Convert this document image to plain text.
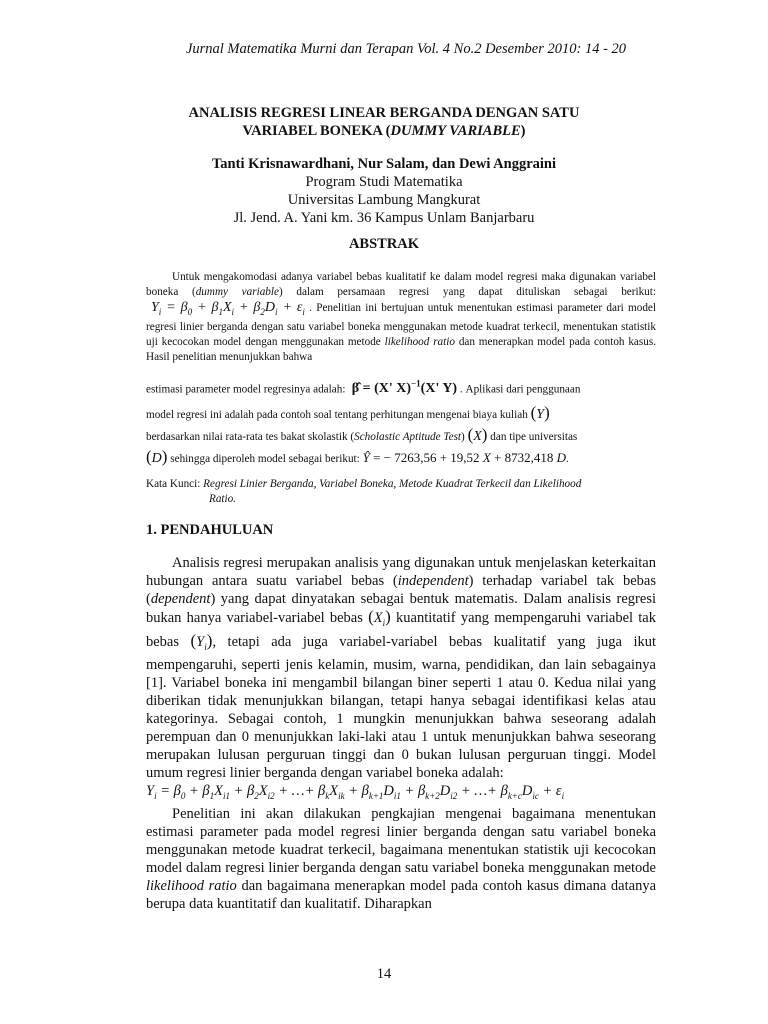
Jurnal Matematika Murni dan Terapan Vol. 4 No.2 Desember 2010: 14 - 20
ANALISIS REGRESI LINEAR BERGANDA DENGAN SATU
VARIABEL BONEKA (DUMMY VARIABLE)
Tanti Krisnawardhani, Nur Salam, dan Dewi Anggraini
Program Studi Matematika
Universitas Lambung Mangkurat
Jl. Jend. A. Yani km. 36 Kampus Unlam Banjarbaru
ABSTRAK

Untuk mengakomodasi adanya variabel bebas kualitatif ke dalam model regresi maka digunakan variabel boneka (dummy variable) dalam persamaan regresi yang dapat dituliskan sebagai berikut:  $Y_i = \beta_0 + \beta_1X_i + \beta_2D_i + \varepsilon_i$ . Penelitian ini bertujuan untuk menentukan estimasi parameter dari model regresi linier berganda dengan satu variabel boneka menggunakan metode kuadrat terkecil, menentukan statistik uji kecocokan model dengan menggunakan metode likelihood ratio dan menerapkan model pada contoh kasus. Hasil penelitian menunjukkan bahwa

estimasi parameter model regresinya adalah:  β̂ = (X' X)$^{-1}$(X' Y) . Aplikasi dari penggunaan

model regresi ini adalah pada contoh soal tentang perhitungan mengenai biaya kuliah (Y)

berdasarkan nilai rata-rata tes bakat skolastik (Scholastic Aptitude Test) (X) dan tipe universitas

(D) sehingga diperoleh model sebagai berikut: Ŷ = − 7263,56 + 19,52 X + 8732,418 D.

Kata Kunci: Regresi Linier Berganda, Variabel Boneka, Metode Kuadrat Terkecil dan Likelihood
Ratio.
1. PENDAHULUAN

Analisis regresi merupakan analisis yang digunakan untuk menjelaskan keterkaitan hubungan antara suatu variabel bebas (independent) terhadap variabel tak bebas (dependent) yang dapat dinyatakan sebagai bentuk matematis. Dalam analisis regresi bukan hanya variabel-variabel bebas $(X_i)$ kuantitatif yang mempengaruhi variabel tak bebas $(Y_i)$, tetapi ada juga variabel-variabel bebas kualitatif yang juga ikut mempengaruhi, seperti jenis kelamin, musim, warna, pendidikan, dan lain sebagainya [1]. Variabel boneka ini mengambil bilangan biner seperti 1 atau 0. Kedua nilai yang diberikan tidak menunjukkan bilangan, tetapi hanya sebagai identifikasi kelas atau kategorinya. Sebagai contoh, 1 mungkin menunjukkan bahwa seseorang adalah perempuan dan 0 menunjukkan laki-laki atau 1 untuk menunjukkan bahwa seseorang merupakan lulusan perguruan tinggi dan 0 bukan lulusan perguruan tinggi. Model umum regresi linier berganda dengan variabel boneka adalah:

$Y_i = \beta_0 + \beta_1X_{i1} + \beta_2X_{i2}$ + …+ $\beta_kX_{ik} + \beta_{k+1}D_{i1} + \beta_{k+2}D_{i2}$ + …+ $\beta_{k+c}D_{ic} + \varepsilon_i$

Penelitian ini akan dilakukan pengkajian mengenai bagaimana menentukan estimasi parameter pada model regresi linier berganda dengan satu variabel boneka menggunakan metode kuadrat terkecil, bagaimana menentukan statistik uji kecocokan model dalam regresi linier berganda dengan satu variabel boneka menggunakan metode likelihood ratio dan bagaimana menerapkan model pada contoh kasus dimana datanya berupa data kuantitatif dan kualitatif. Diharapkan

14
